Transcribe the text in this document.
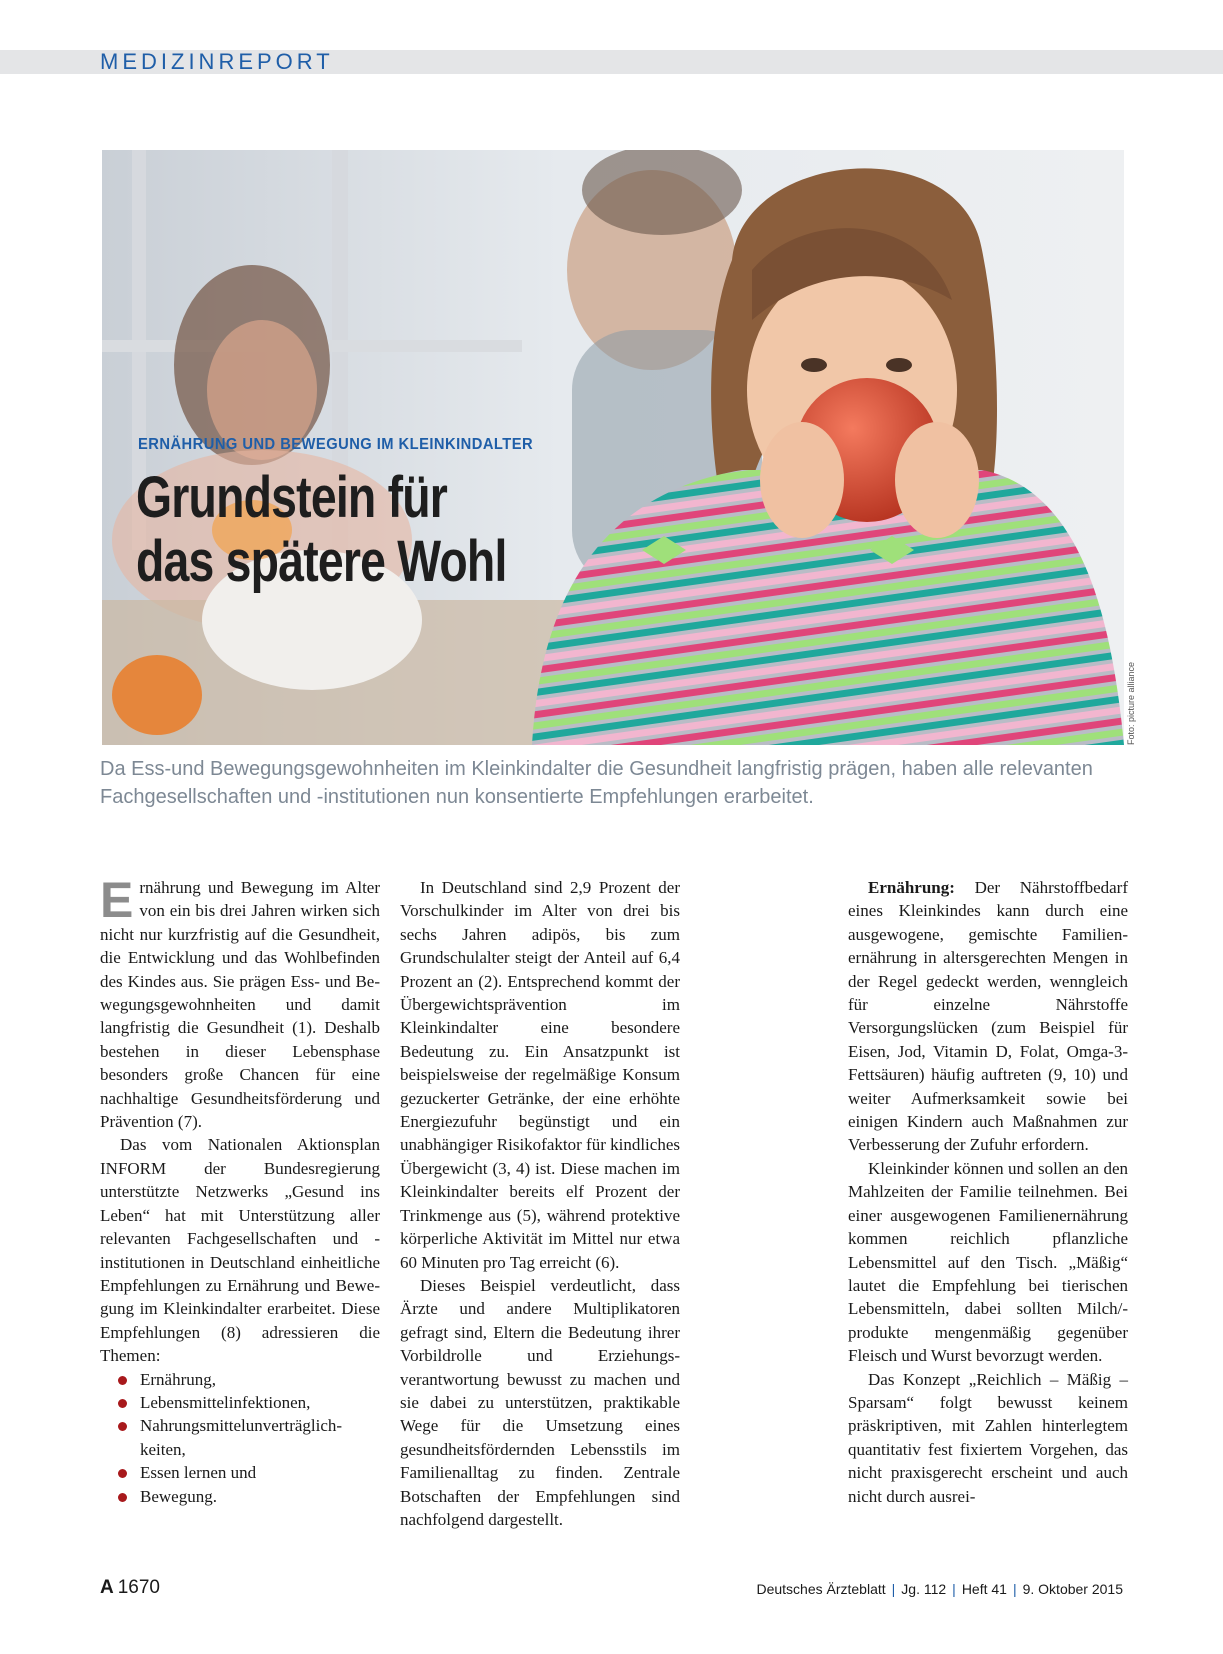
MEDIZINREPORT
ERNÄHRUNG UND BEWEGUNG IM KLEINKINDALTER
Grundstein für
das spätere Wohl
Foto: picture alliance

Da Ess-und Bewegungsgewohnheiten im Kleinkindalter die Gesundheit langfristig prägen, haben alle relevanten Fachgesellschaften und -institutionen nun konsentierte Empfehlungen erarbeitet.

Ernährung und Bewegung im Alter von ein bis drei Jahren wirken sich nicht nur kurzfristig auf die Gesundheit, die Entwicklung und das Wohlbefinden des Kindes aus. Sie prägen Ess- und Bewegungsgewohnheiten und damit langfristig die Gesundheit (1). Deshalb bestehen in dieser Lebensphase besonders große Chancen für eine nachhaltige Gesundheitsförderung und Prävention (7).

Das vom Nationalen Aktionsplan INFORM der Bundesregierung unterstützte Netzwerks „Gesund ins Leben“ hat mit Unterstützung aller relevanten Fachgesellschaften und -institutionen in Deutschland einheitliche Empfehlungen zu Ernährung und Bewegung im Kleinkindalter erarbeitet. Diese Empfehlungen (8) adressieren die Themen:

Ernährung,
Lebensmittelinfektionen,
Nahrungsmittelunverträglichkeiten,
Essen lernen und
Bewegung.

In Deutschland sind 2,9 Prozent der Vorschulkinder im Alter von drei bis sechs Jahren adipös, bis zum Grundschulalter steigt der Anteil auf 6,4 Prozent an (2). Entsprechend kommt der Übergewichtsprävention im Kleinkindalter eine besondere Bedeutung zu. Ein Ansatzpunkt ist beispielsweise der regelmäßige Konsum gezuckerter Getränke, der eine erhöhte Energiezufuhr begünstigt und ein unabhängiger Risikofaktor für kindliches Übergewicht (3, 4) ist. Diese machen im Kleinkindalter bereits elf Prozent der Trinkmenge aus (5), während protektive körperliche Aktivität im Mittel nur etwa 60 Minuten pro Tag erreicht (6).

Dieses Beispiel verdeutlicht, dass Ärzte und andere Multiplikatoren gefragt sind, Eltern die Bedeutung ihrer Vorbildrolle und Erziehungsverantwortung bewusst zu machen und sie dabei zu unterstützen, praktikable Wege für die Umsetzung eines gesundheitsfördernden Lebensstils im Familienalltag zu finden. Zentrale Botschaften der Empfehlungen sind nachfolgend dargestellt.

Ernährung: Der Nährstoffbedarf eines Kleinkindes kann durch eine ausgewogene, gemischte Familienernährung in altersgerechten Mengen in der Regel gedeckt werden, wenngleich für einzelne Nährstoffe Versorgungslücken (zum Beispiel für Eisen, Jod, Vitamin D, Folat, Omga-3-Fettsäuren) häufig auftreten (9, 10) und weiter Aufmerksamkeit sowie bei einigen Kindern auch Maßnahmen zur Verbesserung der Zufuhr erfordern.

Kleinkinder können und sollen an den Mahlzeiten der Familie teilnehmen. Bei einer ausgewogenen Familienernährung kommen reichlich pflanzliche Lebensmittel auf den Tisch. „Mäßig“ lautet die Empfehlung bei tierischen Lebensmitteln, dabei sollten Milch/-produkte mengenmäßig gegenüber Fleisch und Wurst bevorzugt werden.

Das Konzept „Reichlich – Mäßig – Sparsam“ folgt bewusst keinem präskriptiven, mit Zahlen hinterlegtem quantitativ fest fixiertem Vorgehen, das nicht praxisgerecht erscheint und auch nicht durch ausrei-

A 1670	Deutsches Ärzteblatt | Jg. 112 | Heft 41 | 9. Oktober 2015
